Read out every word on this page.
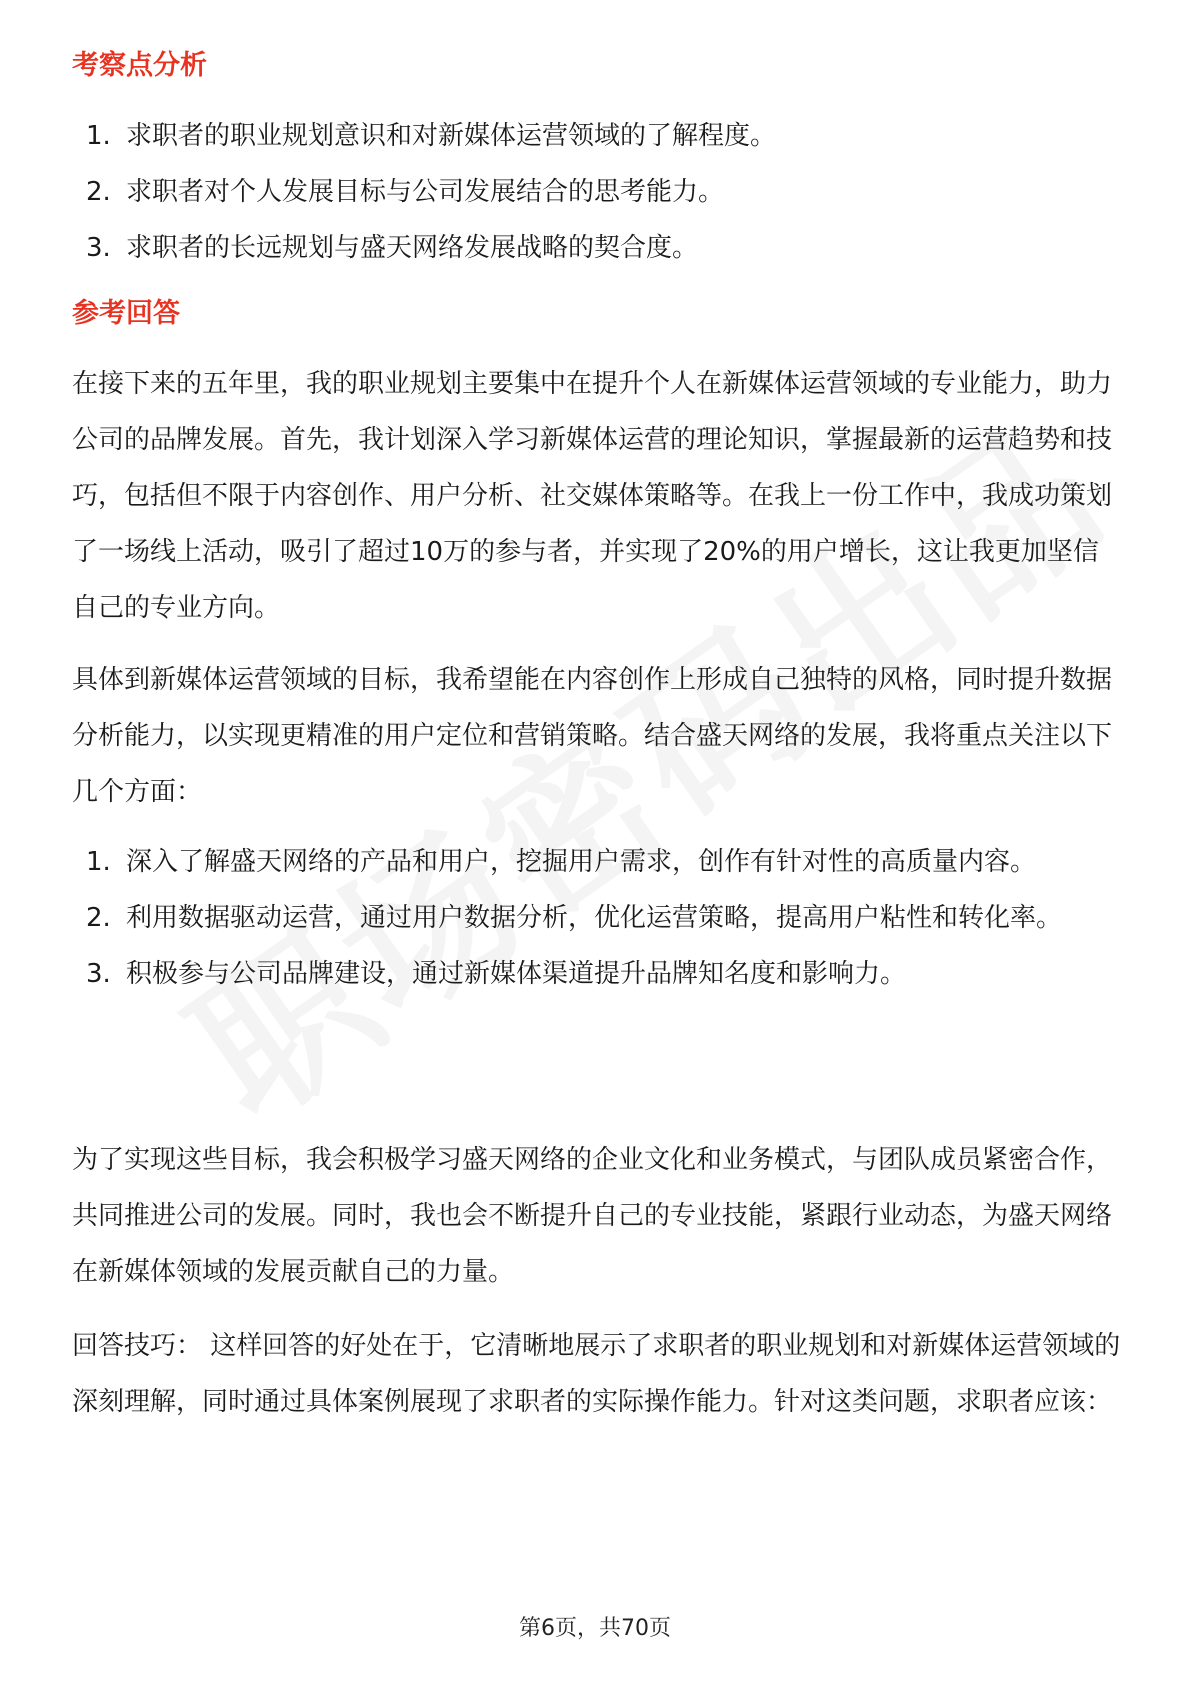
考察点分析
1. 求职者的职业规划意识和对新媒体运营领域的了解程度。
2. 求职者对个人发展目标与公司发展结合的思考能力。
3. 求职者的长远规划与盛天网络发展战略的契合度。
参考回答

在接下来的五年里，我的职业规划主要集中在提升个人在新媒体运营领域的专业能力，助力公司的品牌发展。首先，我计划深入学习新媒体运营的理论知识，掌握最新的运营趋势和技巧，包括但不限于内容创作、用户分析、社交媒体策略等。在我上一份工作中，我成功策划了一场线上活动，吸引了超过10万的参与者，并实现了20%的用户增长，这让我更加坚信自己的专业方向。

具体到新媒体运营领域的目标，我希望能在内容创作上形成自己独特的风格，同时提升数据分析能力，以实现更精准的用户定位和营销策略。结合盛天网络的发展，我将重点关注以下几个方面：

1. 深入了解盛天网络的产品和用户，挖掘用户需求，创作有针对性的高质量内容。
2. 利用数据驱动运营，通过用户数据分析，优化运营策略，提高用户粘性和转化率。
3. 积极参与公司品牌建设，通过新媒体渠道提升品牌知名度和影响力。

为了实现这些目标，我会积极学习盛天网络的企业文化和业务模式，与团队成员紧密合作，共同推进公司的发展。同时，我也会不断提升自己的专业技能，紧跟行业动态，为盛天网络在新媒体领域的发展贡献自己的力量。

回答技巧： 这样回答的好处在于，它清晰地展示了求职者的职业规划和对新媒体运营领域的深刻理解，同时通过具体案例展现了求职者的实际操作能力。针对这类问题，求职者应该：

第6页，共70页
